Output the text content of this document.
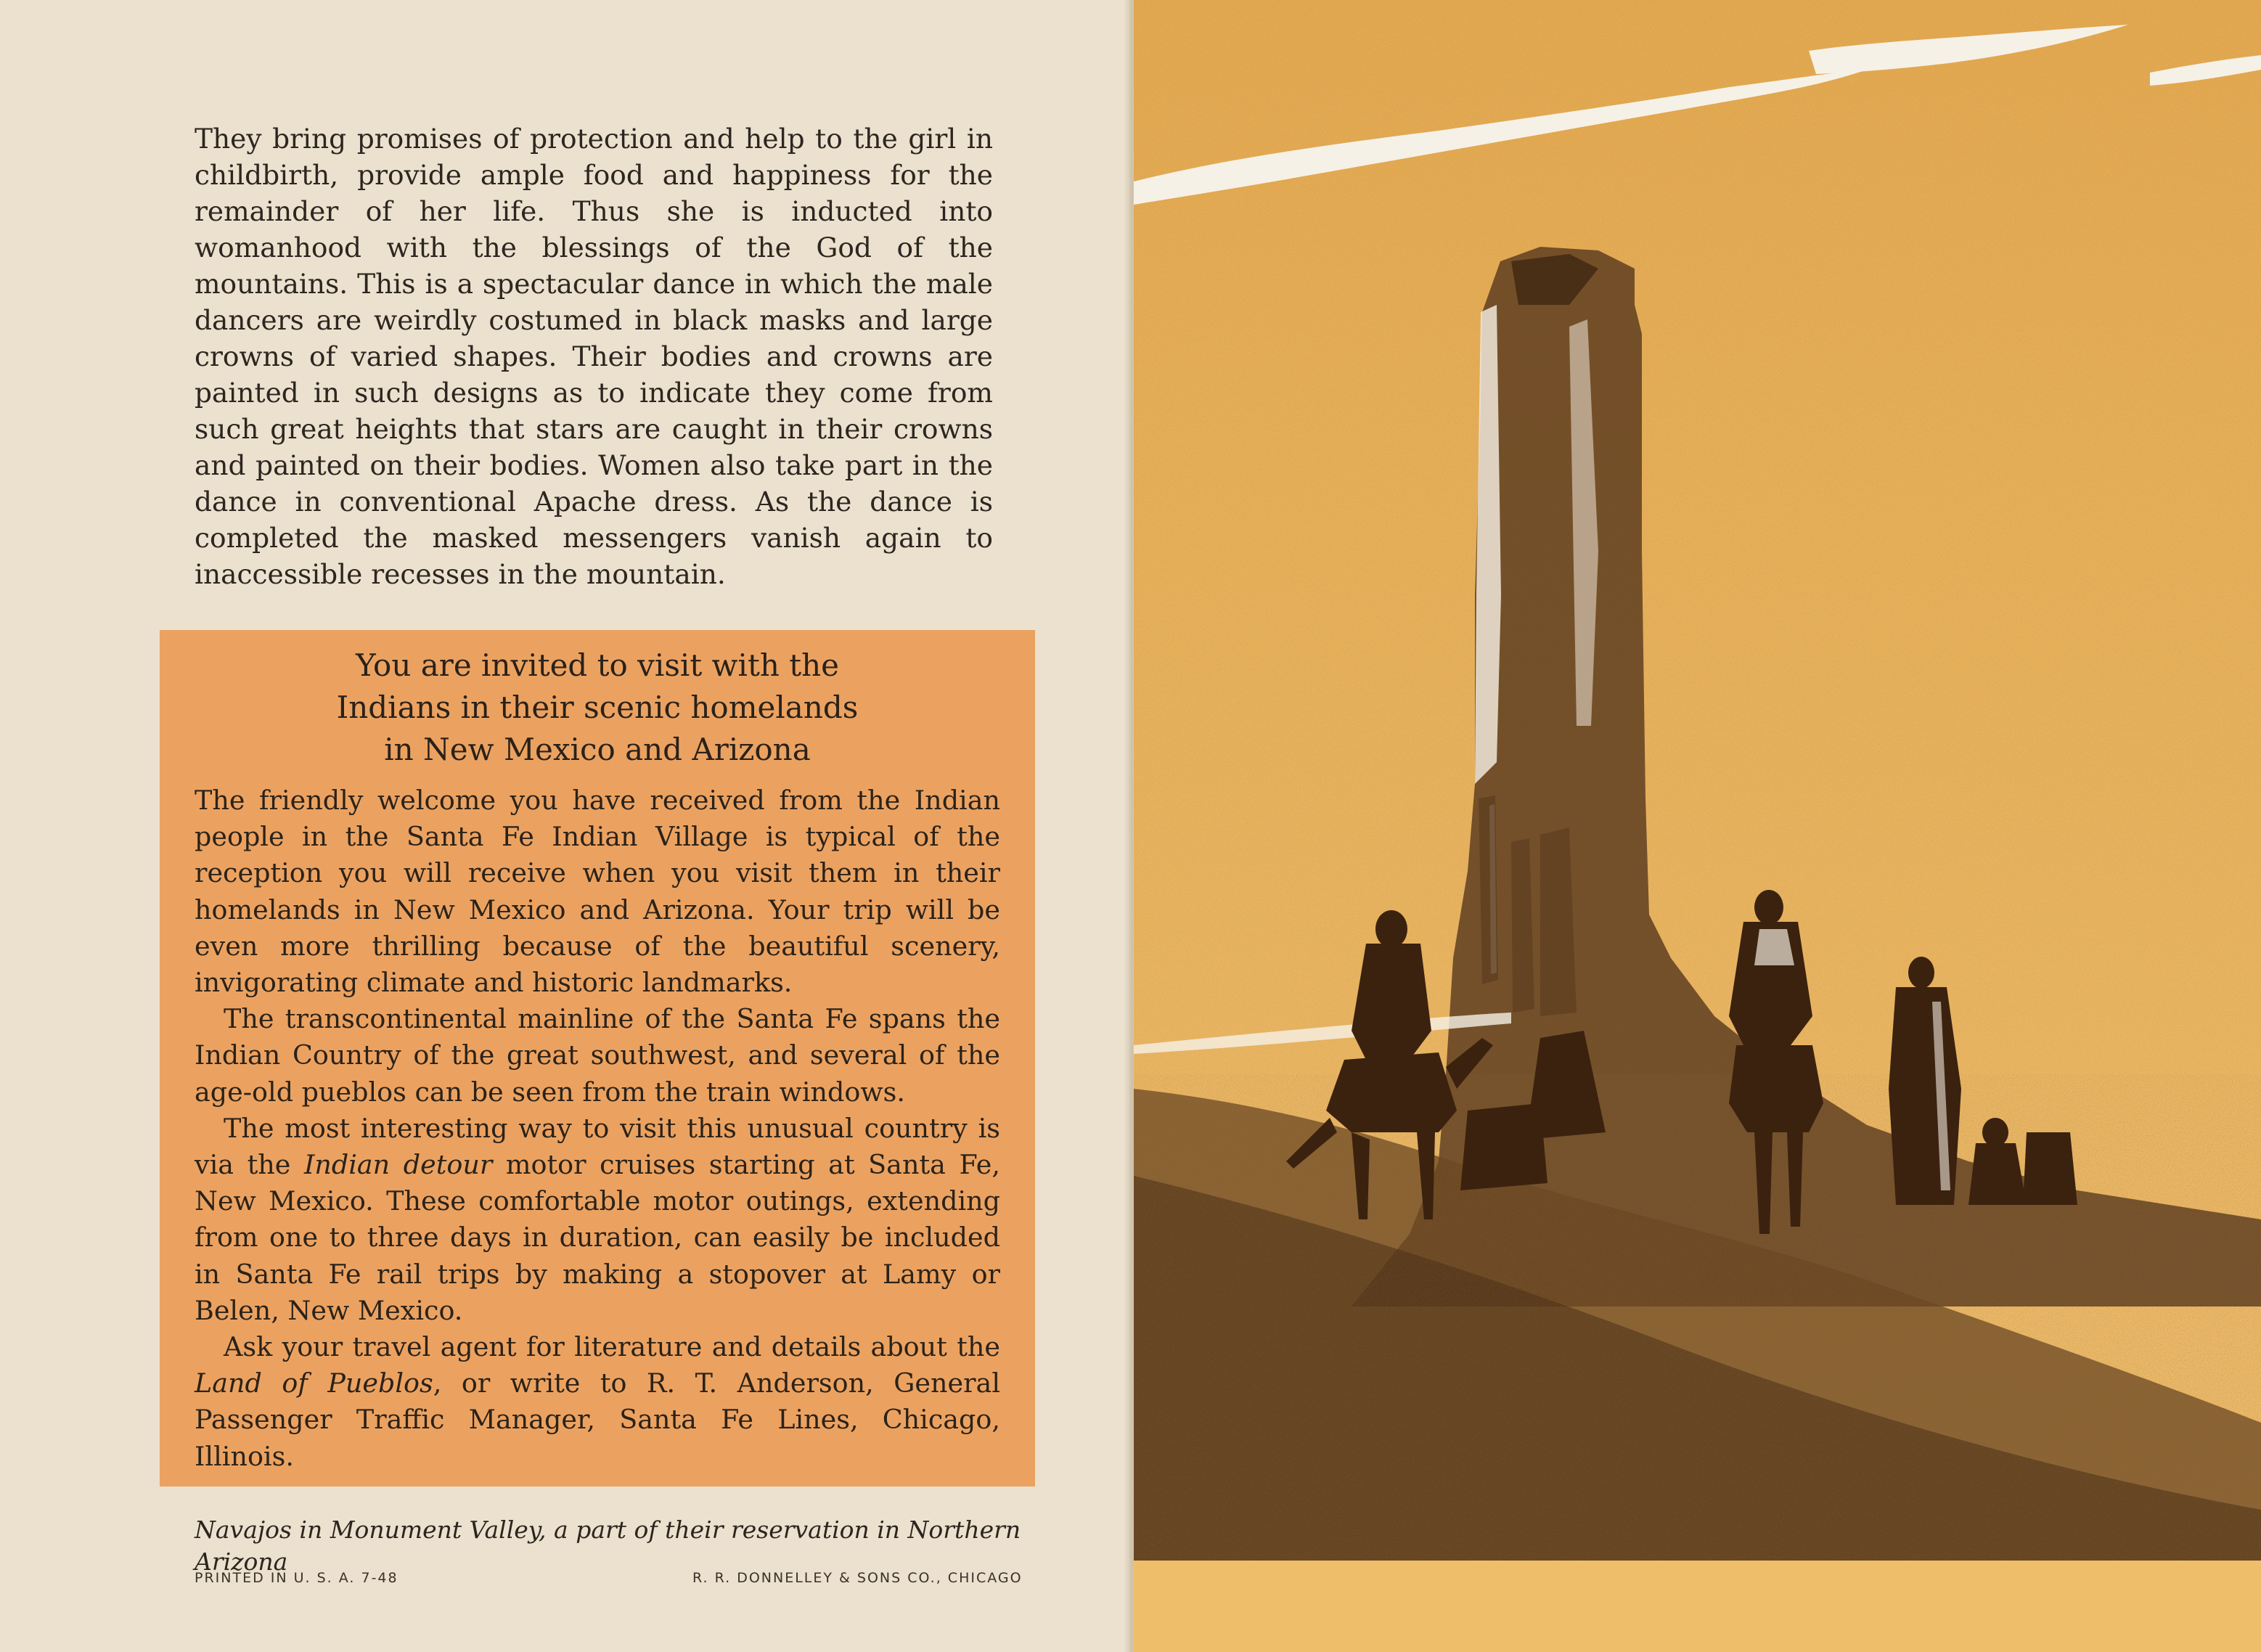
They bring promises of protection and help to the girl in childbirth, provide ample food and happiness for the remainder of her life. Thus she is inducted into womanhood with the blessings of the God of the mountains. This is a spectacular dance in which the male dancers are weirdly costumed in black masks and large crowns of varied shapes. Their bodies and crowns are painted in such designs as to indicate they come from such great heights that stars are caught in their crowns and painted on their bodies. Women also take part in the dance in conventional Apache dress. As the dance is completed the masked messengers vanish again to inaccessible recesses in the mountain.

You are invited to visit with the
Indians in their scenic homelands
in New Mexico and Arizona

The friendly welcome you have received from the Indian people in the Santa Fe Indian Village is typical of the reception you will receive when you visit them in their homelands in New Mexico and Arizona. Your trip will be even more thrilling because of the beautiful scenery, invigorating climate and historic landmarks.

The transcontinental mainline of the Santa Fe spans the Indian Country of the great southwest, and several of the age-old pueblos can be seen from the train windows.

The most interesting way to visit this unusual country is via the Indian detour motor cruises starting at Santa Fe, New Mexico. These comfortable motor outings, extending from one to three days in duration, can easily be included in Santa Fe rail trips by making a stopover at Lamy or Belen, New Mexico.

Ask your travel agent for literature and details about the Land of Pueblos, or write to R. T. Anderson, General Passenger Traffic Manager, Santa Fe Lines, Chicago, Illinois.

Navajos in Monument Valley, a part of their reservation in Northern Arizona
PRINTED IN U. S. A. 7-48	R. R. DONNELLEY & SONS CO., CHICAGO
